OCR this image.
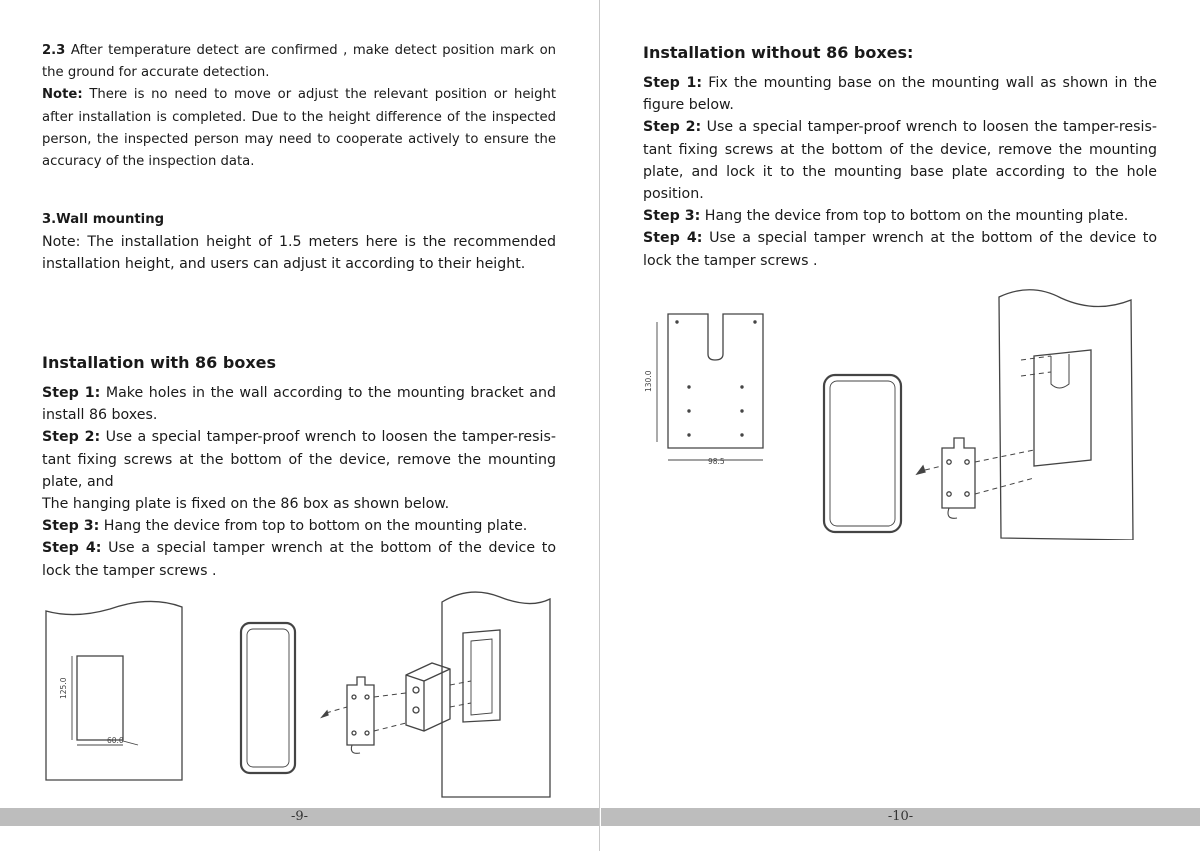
2.3 After temperature detect are confirmed , make detect position mark on the ground for accurate detection.

Note: There is no need to move or adjust the relevant position or height after installation is completed. Due to the height difference of the inspected person, the inspected person may need to cooperate actively to ensure the accuracy of the inspection data.

3.Wall mounting

Note: The installation height of 1.5 meters here is the recommended installation height, and users can adjust it according to their height.

Installation with 86 boxes

Step 1: Make holes in the wall according to the mounting bracket and install 86 boxes.

Step 2: Use a special tamper-proof wrench to loosen the tamper-resis- tant fixing screws at the bottom of the device, remove the mounting plate, and

The hanging plate is fixed on the 86 box as shown below.

Step 3: Hang the device from top to bottom on the mounting plate.

Step 4: Use a special tamper wrench at the bottom of the device to lock the tamper screws .

125.0
60.0
-9-
Installation without 86 boxes:

Step 1: Fix the mounting base on the mounting wall as shown in the figure below.

Step 2: Use a special tamper-proof wrench to loosen the tamper-resis- tant fixing screws at the bottom of the device, remove the mounting plate, and lock it to the mounting base plate according to the hole position.

Step 3: Hang the device from top to bottom on the mounting plate.

Step 4: Use a special tamper wrench at the bottom of the device to lock the tamper screws .

130.0
98.5
-10-
